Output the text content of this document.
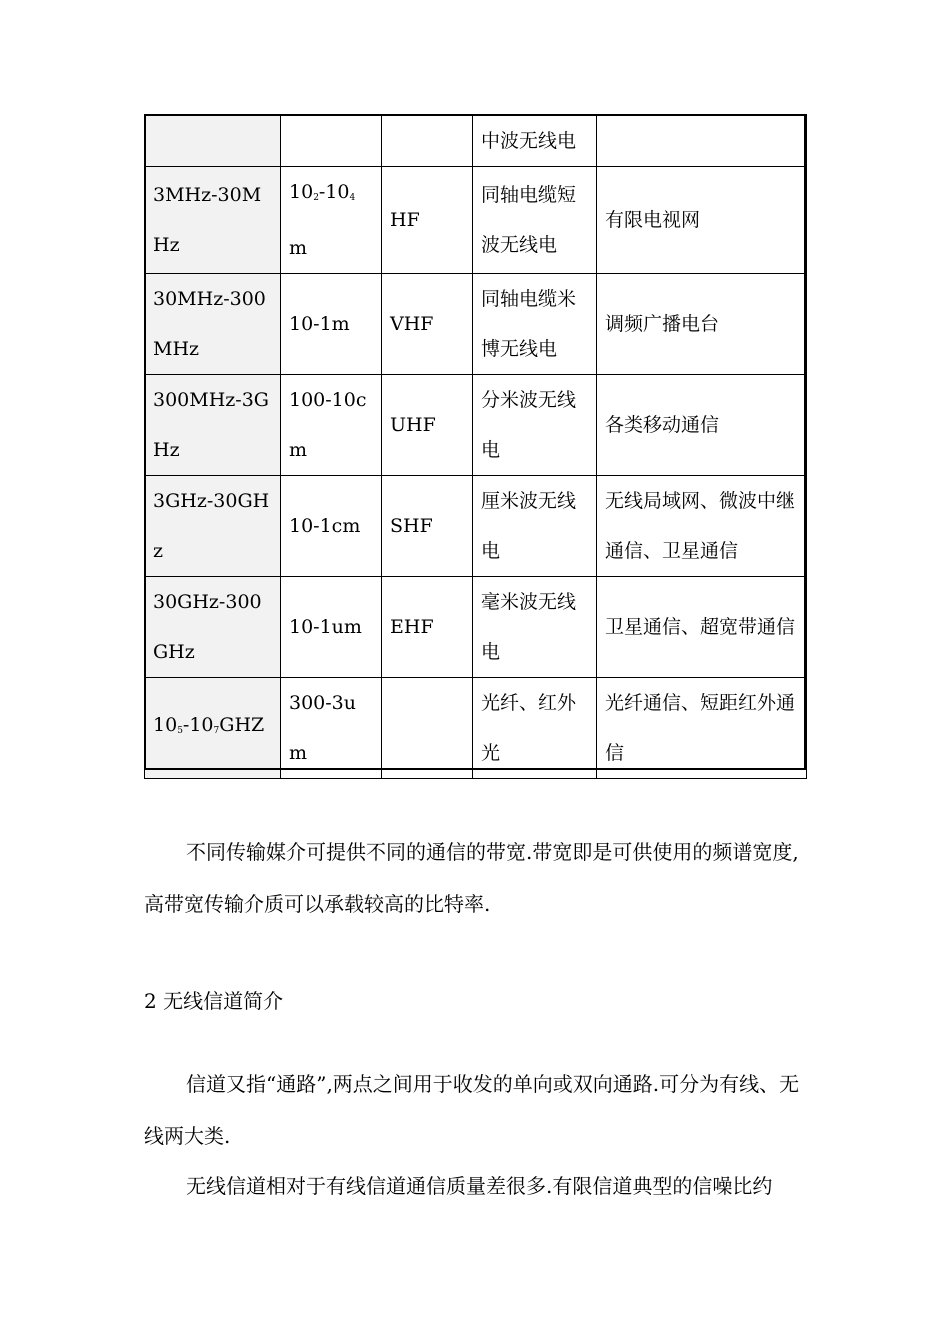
			中波无线电	
3MHz-30MHz	$10_2-10_4m$	HF	同轴电缆短波无线电	有限电视网
30MHz-300MHz	10-1m	VHF	同轴电缆米博无线电	调频广播电台
300MHz-3GHz	100-10cm	UHF	分米波无线电	各类移动通信
3GHz-30GHz	10-1cm	SHF	厘米波无线电	无线局域网、微波中继通信、卫星通信
30GHz-300GHz	10-1um	EHF	毫米波无线电	卫星通信、超宽带通信
$10_5-10_7GHZ$	300-3um		光纤、红外光	光纤通信、短距红外通信

不同传输媒介可提供不同的通信的带宽.带宽即是可供使用的频谱宽度,高带宽传输介质可以承载较高的比特率.

2 无线信道简介

信道又指“通路”,两点之间用于收发的单向或双向通路.可分为有线、无线两大类.

无线信道相对于有线信道通信质量差很多.有限信道典型的信噪比约
